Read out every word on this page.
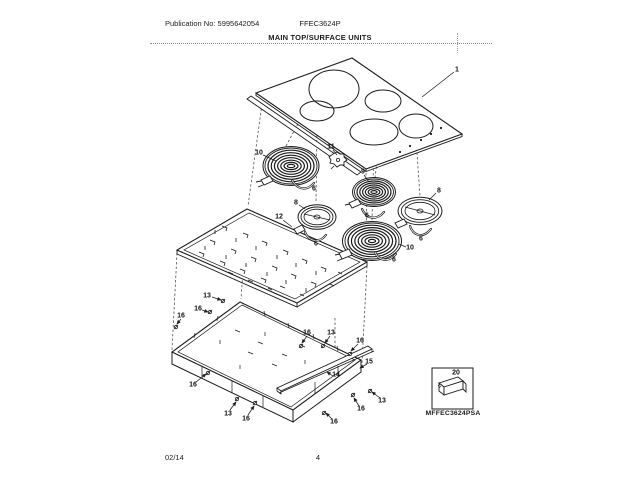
Publication No: 5995642054	FFEC3624P
MAIN TOP/SURFACE UNITS
1
10
11
6
9
8
8
6
6
10
6
6
12
13
16
16
16 13
16
15
14
16
13
16	16
16
13
20
MFFEC3624PSA
02/14	4
